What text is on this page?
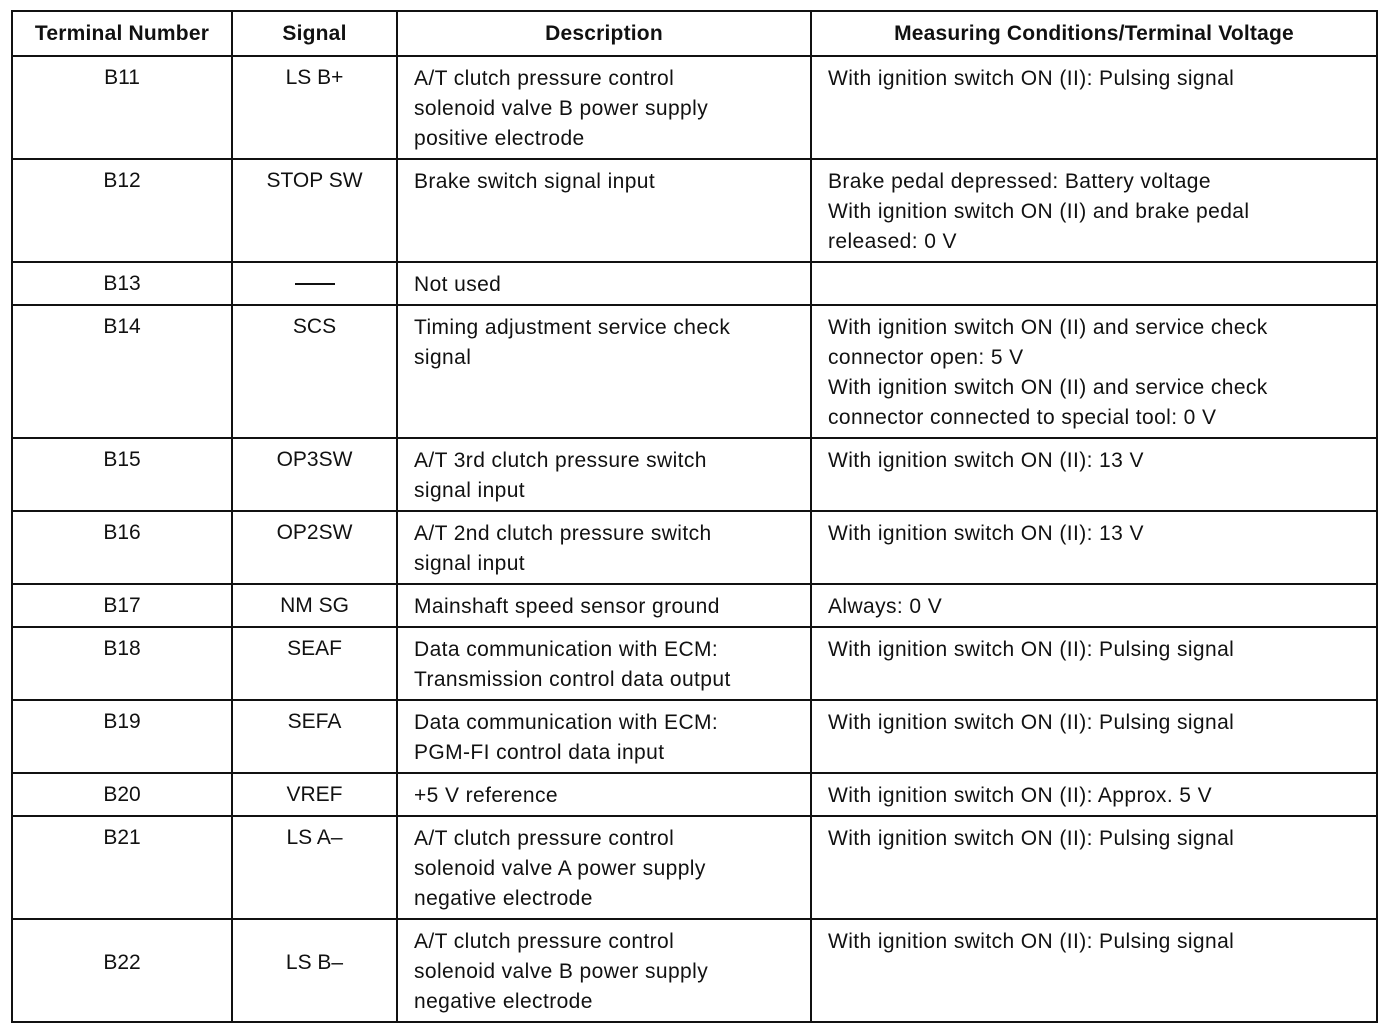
Terminal Number	Signal	Description	Measuring Conditions/Terminal Voltage
B11	LS B+	A/T clutch pressure control
solenoid valve B power supply
positive electrode	With ignition switch ON (II): Pulsing signal
B12	STOP SW	Brake switch signal input	Brake pedal depressed: Battery voltage
With ignition switch ON (II) and brake pedal
released: 0 V
B13		Not used	
B14	SCS	Timing adjustment service check
signal	With ignition switch ON (II) and service check
connector open: 5 V
With ignition switch ON (II) and service check
connector connected to special tool: 0 V
B15	OP3SW	A/T 3rd clutch pressure switch
signal input	With ignition switch ON (II): 13 V
B16	OP2SW	A/T 2nd clutch pressure switch
signal input	With ignition switch ON (II): 13 V
B17	NM SG	Mainshaft speed sensor ground	Always: 0 V
B18	SEAF	Data communication with ECM:
Transmission control data output	With ignition switch ON (II): Pulsing signal
B19	SEFA	Data communication with ECM:
PGM-FI control data input	With ignition switch ON (II): Pulsing signal
B20	VREF	+5 V reference	With ignition switch ON (II): Approx. 5 V
B21	LS A–	A/T clutch pressure control
solenoid valve A power supply
negative electrode	With ignition switch ON (II): Pulsing signal
B22	LS B–	A/T clutch pressure control
solenoid valve B power supply
negative electrode	With ignition switch ON (II): Pulsing signal
